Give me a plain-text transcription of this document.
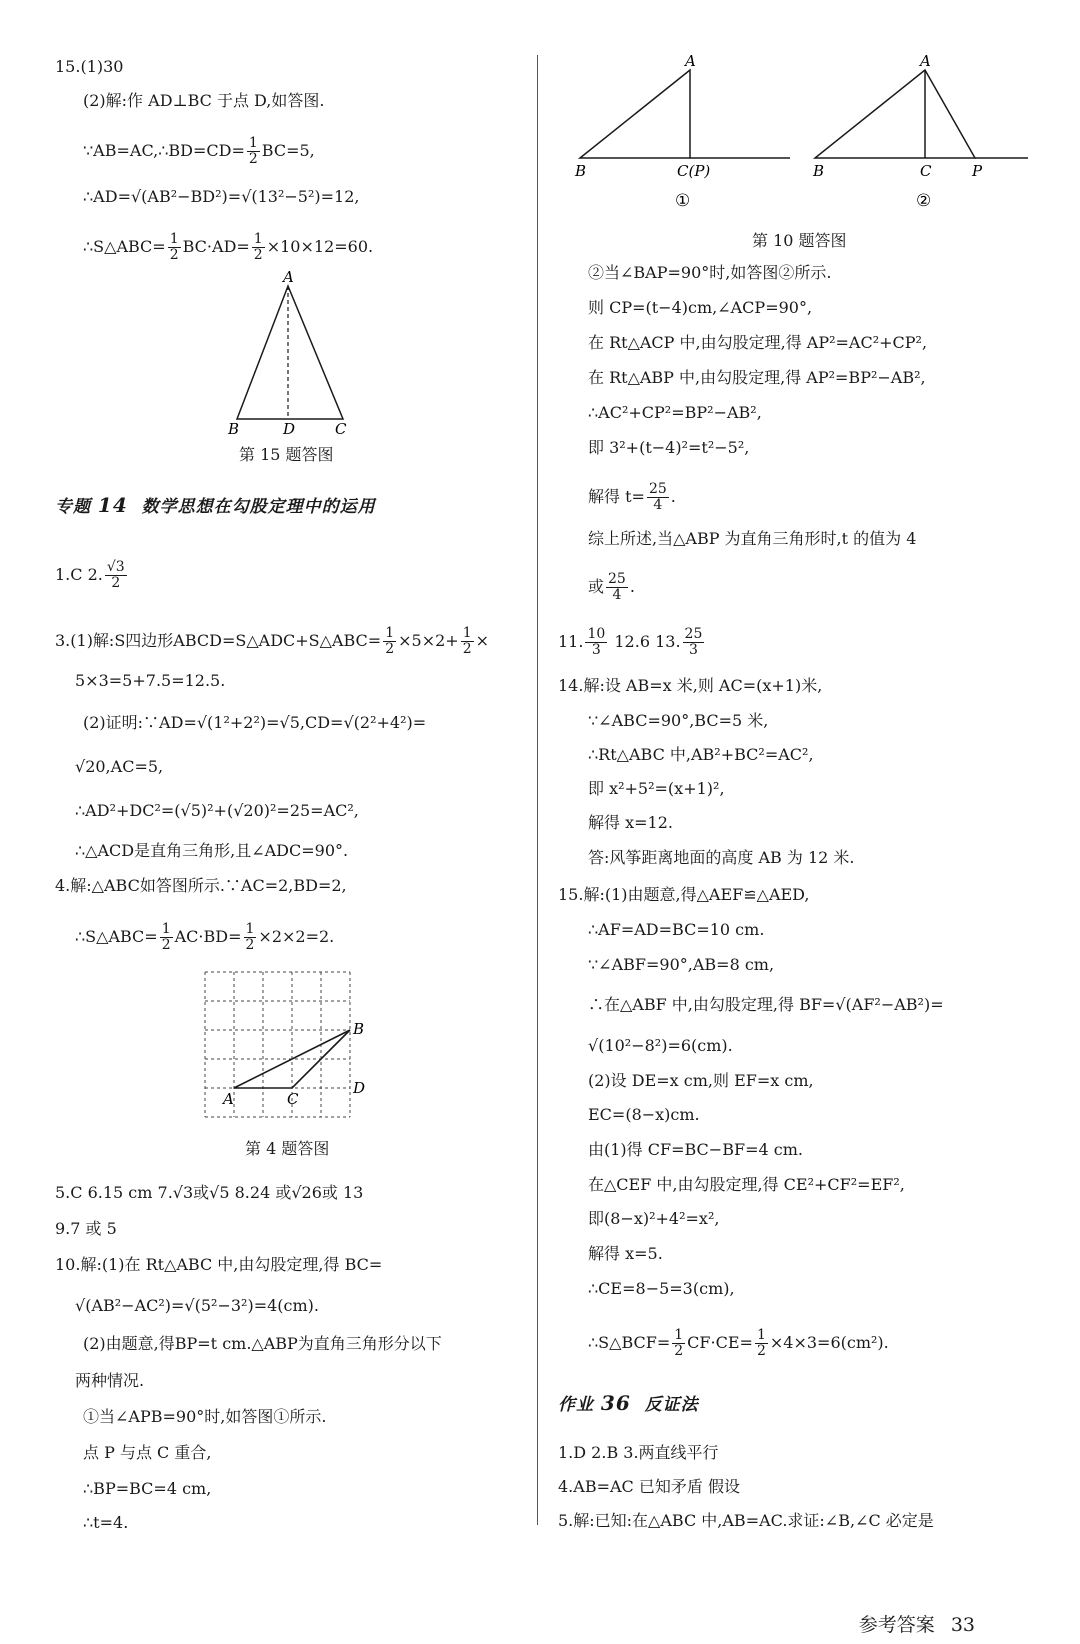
15.(1)30
(2)解:作 AD⊥BC 于点 D,如答图.
∵AB=AC,∴BD=CD= $\frac{1}{2} BC=5$,
∴AD=√(AB²−BD²)=√(13²−5²)=12,
∴S△ABC= $\frac{1}{2} BC\cdot AD= \frac{1}{2} \times 10\times 12=60$.
A
B	D	C
第 15 题答图
专题 14 数学思想在勾股定理中的运用
1.C 2. $\frac{√3}{2}$
3.(1)解:S四边形ABCD=S△ADC+S△ABC= $\frac{1}{2} \times 5\times 2+ \frac{1}{2}$ ×
5×3=5+7.5=12.5.
(2)证明:∵AD=√(1²+2²)=√5,CD=√(2²+4²)=
√20,AC=5,
∴AD²+DC²=(√5)²+(√20)²=25=AC²,
∴△ACD是直角三角形,且∠ADC=90°.
4.解:△ABC如答图所示.∵AC=2,BD=2,
∴S△ABC= $\frac{1}{2} AC\cdot BD= \frac{1}{2} \times 2\times 2=2$.
A	C
B
D
第 4 题答图
5.C 6.15 cm 7.√3或√5 8.24 或√26或 13
9.7 或 5
10.解:(1)在 Rt△ABC 中,由勾股定理,得 BC=
√(AB²−AC²)=√(5²−3²)=4(cm).
(2)由题意,得BP=t cm.△ABP为直角三角形分以下
两种情况.
①当∠APB=90°时,如答图①所示.
点 P 与点 C 重合,
∴BP=BC=4 cm,
∴t=4.
A
B	C(P)
①
A
B	C	P
②
第 10 题答图
②当∠BAP=90°时,如答图②所示.
则 CP=(t−4)cm,∠ACP=90°,
在 Rt△ACP 中,由勾股定理,得 AP²=AC²+CP²,
在 Rt△ABP 中,由勾股定理,得 AP²=BP²−AB²,
∴AC²+CP²=BP²−AB²,
即 3²+(t−4)²=t²−5²,
解得 $t= \frac{25}{4}$ .
综上所述,当△ABP 为直角三角形时,t 的值为 4
或 $\frac{25}{4}$ .
11. $\frac{10}{3} 12.6$ 13. $\frac{25}{3}$
14.解:设 AB=x 米,则 AC=(x+1)米,
∵∠ABC=90°,BC=5 米,
∴Rt△ABC 中,AB²+BC²=AC²,
即 x²+5²=(x+1)²,
解得 x=12.
答:风筝距离地面的高度 AB 为 12 米.
15.解:(1)由题意,得△AEF≌△AED,
∴AF=AD=BC=10 cm.
∵∠ABF=90°,AB=8 cm,
∴在△ABF 中,由勾股定理,得 BF=√(AF²−AB²)=
√(10²−8²)=6(cm).
(2)设 DE=x cm,则 EF=x cm,
EC=(8−x)cm.
由(1)得 CF=BC−BF=4 cm.
在△CEF 中,由勾股定理,得 CE²+CF²=EF²,
即(8−x)²+4²=x²,
解得 x=5.
∴CE=8−5=3(cm),
∴S△BCF= $\frac{1}{2} CF\cdot CE= \frac{1}{2} \times 4\times 3=6(cm^2)$.
作业 36 反证法
1.D 2.B 3.两直线平行
4.AB=AC 已知矛盾 假设
5.解:已知:在△ABC 中,AB=AC.求证:∠B,∠C 必定是
参考答案 33
